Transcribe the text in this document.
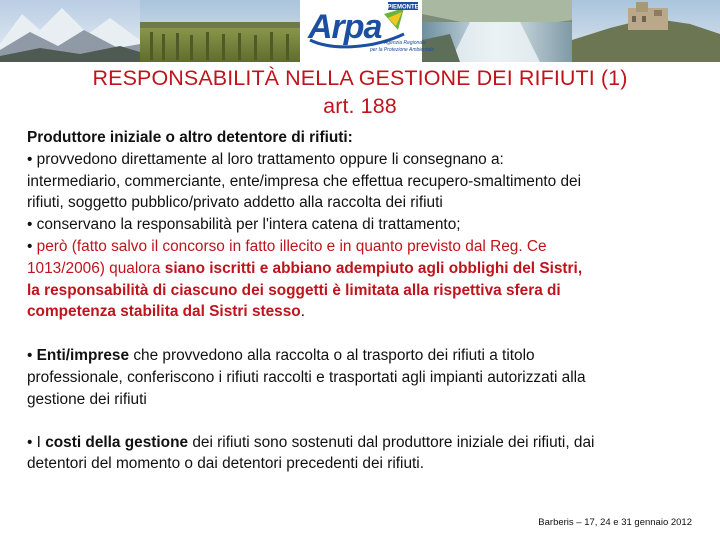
PIEMONTE
Arpa Agenzia Regionale
per la Protezione Ambientale
RESPONSABILITÀ NELLA GESTIONE DEI RIFIUTI (1)
art. 188

Produttore iniziale o altro detentore di rifiuti:

• provvedono direttamente al loro trattamento oppure li consegnano a:

intermediario, commerciante, ente/impresa che effettua recupero-smaltimento dei

rifiuti, soggetto pubblico/privato addetto alla raccolta dei rifiuti

• conservano la responsabilità per l'intera catena di trattamento;

• però (fatto salvo il concorso in fatto illecito e in quanto previsto dal Reg. Ce

1013/2006) qualora siano iscritti e abbiano adempiuto agli obblighi del Sistri,

la responsabilità di ciascuno dei soggetti è limitata alla rispettiva sfera di

competenza stabilita dal Sistri stesso.

• Enti/imprese che provvedono alla raccolta o al trasporto dei rifiuti a titolo

professionale, conferiscono i rifiuti raccolti e trasportati agli impianti autorizzati alla

gestione dei rifiuti

• I costi della gestione dei rifiuti sono sostenuti dal produttore iniziale dei rifiuti, dai

detentori del momento o dai detentori precedenti dei rifiuti.

Barberis – 17, 24 e 31 gennaio 2012
